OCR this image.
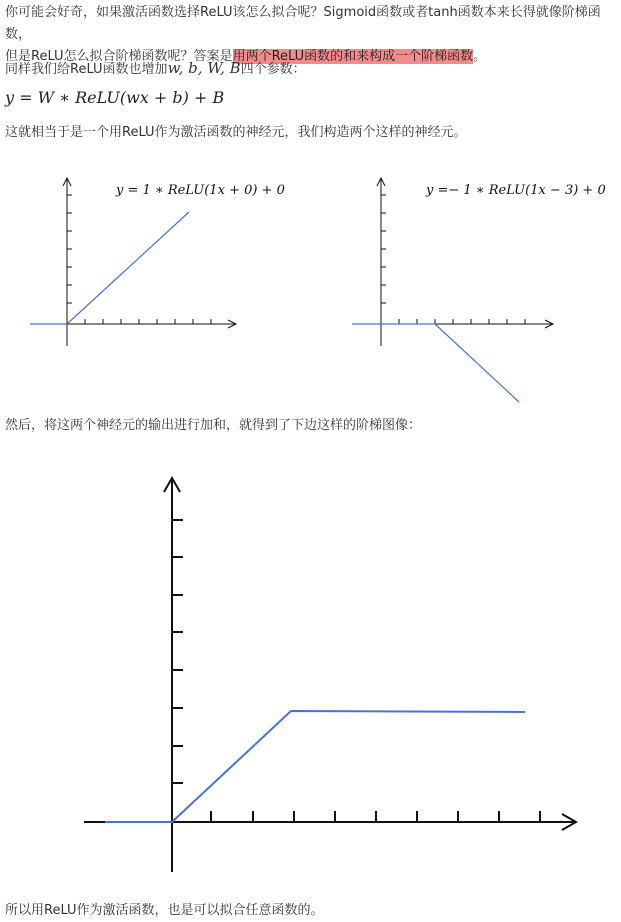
你可能会好奇，如果激活函数选择ReLU该怎么拟合呢？Sigmoid函数或者tanh函数本来长得就像阶梯函数，
但是ReLU怎么拟合阶梯函数呢？答案是用两个ReLU函数的和来构成一个阶梯函数。

同样我们给ReLU函数也增加w, b, W, B四个参数：

y = W ∗ ReLU(wx + b) + B

这就相当于是一个用ReLU作为激活函数的神经元，我们构造两个这样的神经元。

y = 1 ∗ ReLU(1x + 0) + 0	y =− 1 ∗ ReLU(1x − 3) + 0

然后，将这两个神经元的输出进行加和，就得到了下边这样的阶梯图像：

所以用ReLU作为激活函数，也是可以拟合任意函数的。
